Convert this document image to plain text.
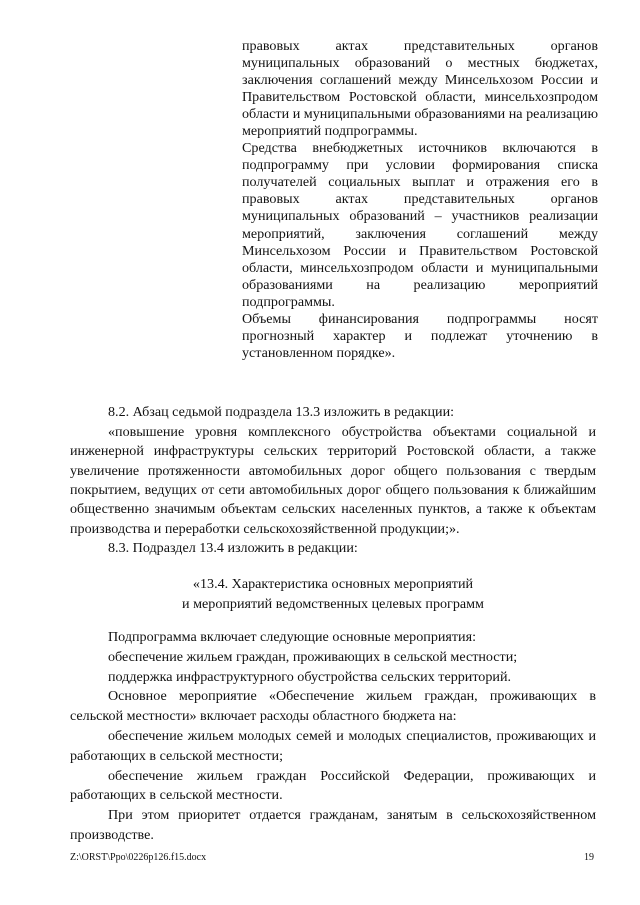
правовых актах представительных органов муниципальных образований о местных бюджетах, заключения соглашений между Минсельхозом России и Правительством Ростовской области, минсельхозпродом области и муниципальными образованиями на реализацию мероприятий подпрограммы.

Средства внебюджетных источников включаются в подпрограмму при условии формирования списка получателей социальных выплат и отражения его в правовых актах представительных органов муниципальных образований – участников реализации мероприятий, заключения соглашений между Минсельхозом России и Правительством Ростовской области, минсельхозпродом области и муниципальными образованиями на реализацию мероприятий подпрограммы.

Объемы финансирования подпрограммы носят прогнозный характер и подлежат уточнению в установленном порядке».

8.2. Абзац седьмой подраздела 13.3 изложить в редакции:

«повышение уровня комплексного обустройства объектами социальной и инженерной инфраструктуры сельских территорий Ростовской области, а также увеличение протяженности автомобильных дорог общего пользования с твердым покрытием, ведущих от сети автомобильных дорог общего пользования к ближайшим общественно значимым объектам сельских населенных пунктов, а также к объектам производства и переработки сельскохозяйственной продукции;».

8.3. Подраздел 13.4 изложить в редакции:

«13.4. Характеристика основных мероприятий
и мероприятий ведомственных целевых программ

Подпрограмма включает следующие основные мероприятия:

обеспечение жильем граждан, проживающих в сельской местности;

поддержка инфраструктурного обустройства сельских территорий.

Основное мероприятие «Обеспечение жильем граждан, проживающих в сельской местности» включает расходы областного бюджета на:

обеспечение жильем молодых семей и молодых специалистов, проживающих и работающих в сельской местности;

обеспечение жильем граждан Российской Федерации, проживающих и работающих в сельской местности.

При этом приоритет отдается гражданам, занятым в сельскохозяйственном производстве.

Z:\ORST\Ppo\0226p126.f15.docx	19
